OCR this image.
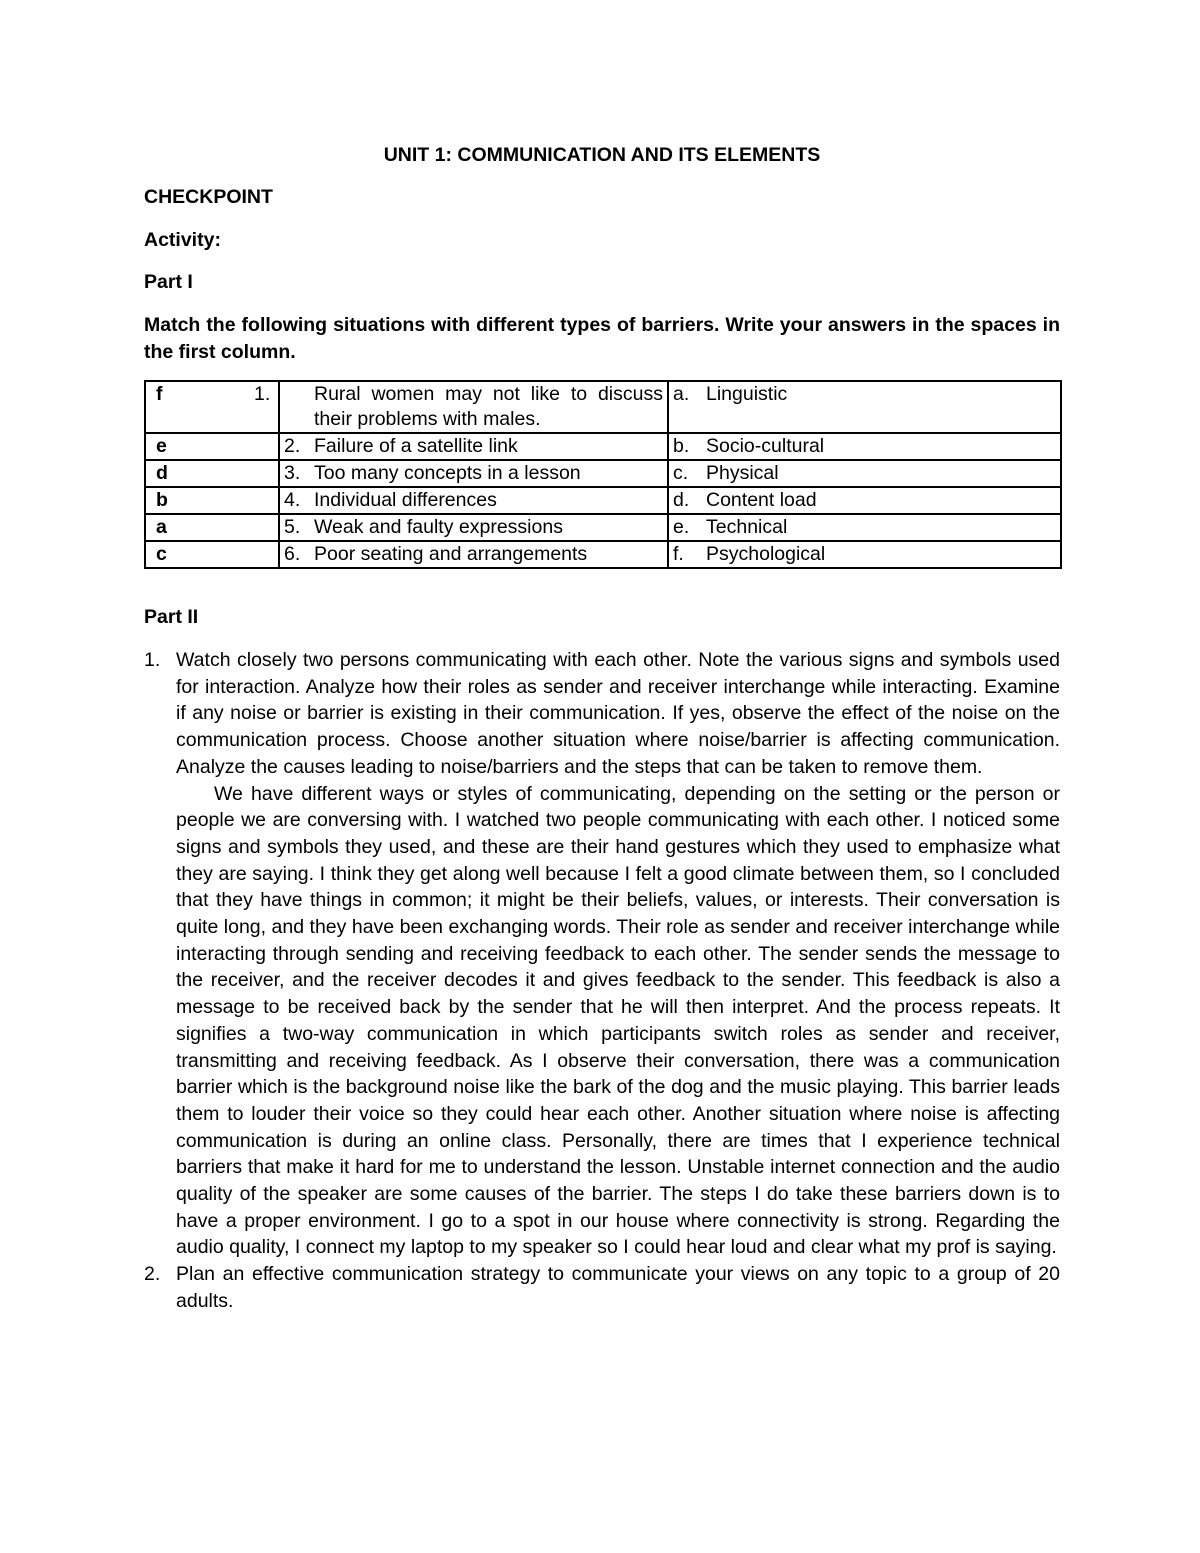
UNIT 1: COMMUNICATION AND ITS ELEMENTS
CHECKPOINT
Activity:
Part I
Match the following situations with different types of barriers. Write your answers in the spaces in the first column.
f	1. Rural women may not like to discuss their problems with males.	a. Linguistic
e	2. Failure of a satellite link	b. Socio-cultural
d	3. Too many concepts in a lesson	c. Physical
b	4. Individual differences	d. Content load
a	5. Weak and faulty expressions	e. Technical
c	6. Poor seating and arrangements	f. Psychological
Part II
1. Watch closely two persons communicating with each other. Note the various signs and symbols used for interaction. Analyze how their roles as sender and receiver interchange while interacting. Examine if any noise or barrier is existing in their communication. If yes, observe the effect of the noise on the communication process. Choose another situation where noise/barrier is affecting communication. Analyze the causes leading to noise/barriers and the steps that can be taken to remove them.

We have different ways or styles of communicating, depending on the setting or the person or people we are conversing with. I watched two people communicating with each other. I noticed some signs and symbols they used, and these are their hand gestures which they used to emphasize what they are saying. I think they get along well because I felt a good climate between them, so I concluded that they have things in common; it might be their beliefs, values, or interests. Their conversation is quite long, and they have been exchanging words. Their role as sender and receiver interchange while interacting through sending and receiving feedback to each other. The sender sends the message to the receiver, and the receiver decodes it and gives feedback to the sender. This feedback is also a message to be received back by the sender that he will then interpret. And the process repeats. It signifies a two-way communication in which participants switch roles as sender and receiver, transmitting and receiving feedback. As I observe their conversation, there was a communication barrier which is the background noise like the bark of the dog and the music playing. This barrier leads them to louder their voice so they could hear each other. Another situation where noise is affecting communication is during an online class. Personally, there are times that I experience technical barriers that make it hard for me to understand the lesson. Unstable internet connection and the audio quality of the speaker are some causes of the barrier. The steps I do take these barriers down is to have a proper environment. I go to a spot in our house where connectivity is strong. Regarding the audio quality, I connect my laptop to my speaker so I could hear loud and clear what my prof is saying.

2. Plan an effective communication strategy to communicate your views on any topic to a group of 20 adults.
